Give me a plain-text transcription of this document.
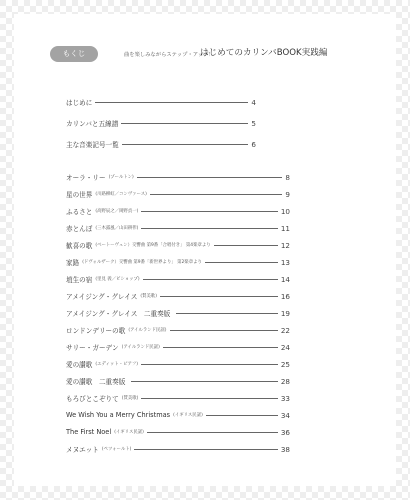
もくじ	曲を楽しみながらステップ・アップ！
はじめてのカリンバBOOK実践編
はじめに	4
カリンバと五線譜	5
主な音楽記号一覧	6
オーラ・リー (プールトン)	8
星の世界 (川路柳虹／コンヴァース)	9
ふるさと (高野辰之／岡野貞一)	10
赤とんぼ (三木露風／山田耕筰)	11
歓喜の歌 (ベートーヴェン）交響曲 第9番「合唱付き」 第4楽章より	12
家路 (ドヴォルザーク）交響曲 第9番「新世界より」 第2楽章より	13
埴生の宿 (里見 義／ビショップ)	14
アメイジング・グレイス (賛美歌)	16
アメイジング・グレイス　二重奏版	19
ロンドンデリーの歌 (アイルランド民謡)	22
サリー・ガーデン (アイルランド民謡)	24
愛の讃歌 (エディット・ピアフ)	25
愛の讃歌　二重奏版	28
もろびとこぞりて (賛美歌)	33
We Wish You a Merry Christmas (イギリス民謡)	34
The First Noel (イギリス民謡)	36
メヌエット (ペツォールト)	38
